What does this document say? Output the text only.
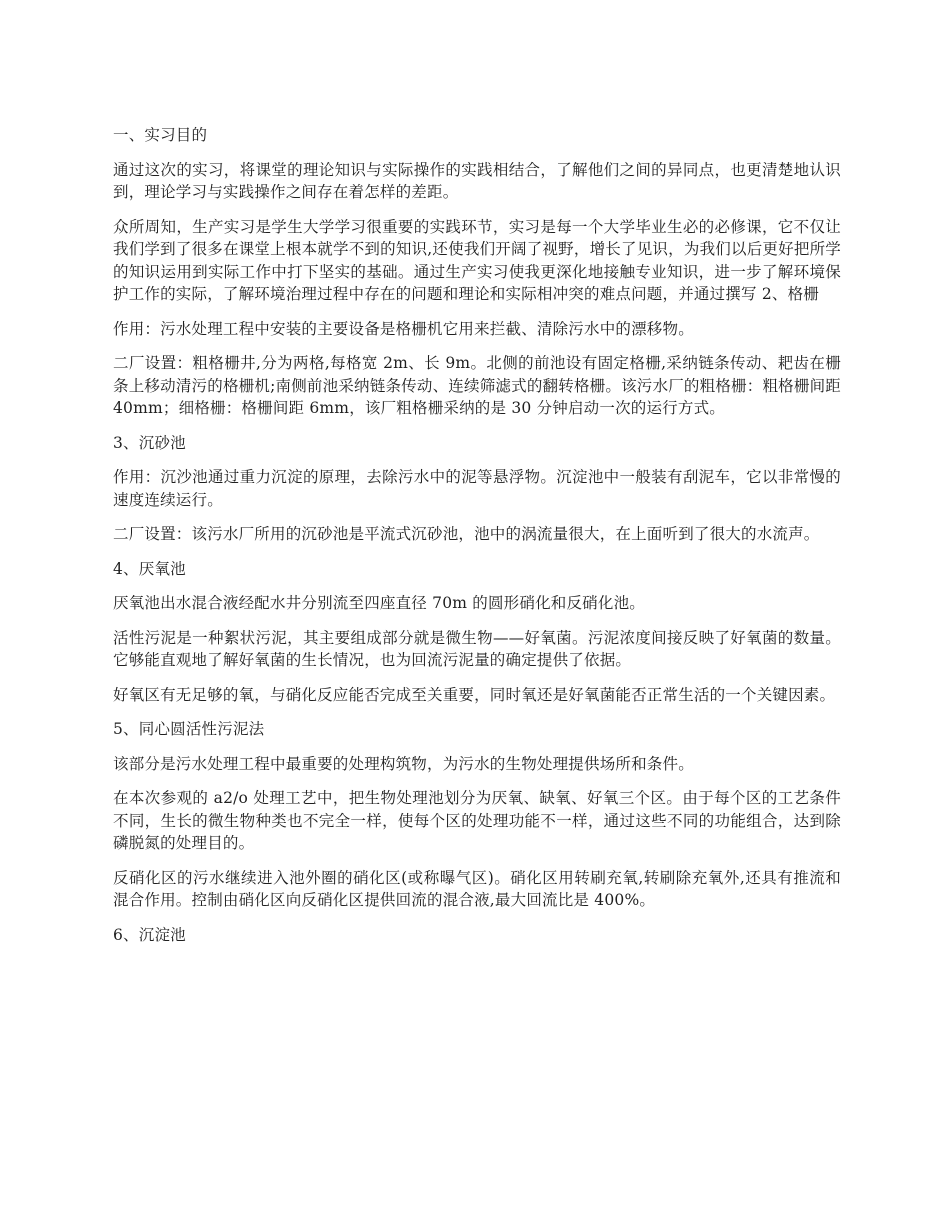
一、实习目的

通过这次的实习，将课堂的理论知识与实际操作的实践相结合，了解他们之间的异同点，也更清楚地认识到，理论学习与实践操作之间存在着怎样的差距。

众所周知，生产实习是学生大学学习很重要的实践环节，实习是每一个大学毕业生必的必修课，它不仅让我们学到了很多在课堂上根本就学不到的知识,还使我们开阔了视野，增长了见识，为我们以后更好把所学的知识运用到实际工作中打下坚实的基础。通过生产实习使我更深化地接触专业知识，进一步了解环境保护工作的实际，了解环境治理过程中存在的问题和理论和实际相冲突的难点问题，并通过撰写 2、格栅

作用：污水处理工程中安装的主要设备是格栅机它用来拦截、清除污水中的漂移物。

二厂设置：粗格栅井,分为两格,每格宽 2m、长 9m。北侧的前池设有固定格栅,采纳链条传动、耙齿在栅条上移动清污的格栅机;南侧前池采纳链条传动、连续筛滤式的翻转格栅。该污水厂的粗格栅：粗格栅间距 40mm；细格栅：格栅间距 6mm，该厂粗格栅采纳的是 30 分钟启动一次的运行方式。

3、沉砂池

作用：沉沙池通过重力沉淀的原理，去除污水中的泥等悬浮物。沉淀池中一般装有刮泥车，它以非常慢的速度连续运行。

二厂设置：该污水厂所用的沉砂池是平流式沉砂池，池中的涡流量很大，在上面听到了很大的水流声。

4、厌氧池

厌氧池出水混合液经配水井分别流至四座直径 70m 的圆形硝化和反硝化池。

活性污泥是一种絮状污泥，其主要组成部分就是微生物——好氧菌。污泥浓度间接反映了好氧菌的数量。它够能直观地了解好氧菌的生长情况，也为回流污泥量的确定提供了依据。

好氧区有无足够的氧，与硝化反应能否完成至关重要，同时氧还是好氧菌能否正常生活的一个关键因素。

5、同心圆活性污泥法

该部分是污水处理工程中最重要的处理构筑物，为污水的生物处理提供场所和条件。

在本次参观的 a2/o 处理工艺中，把生物处理池划分为厌氧、缺氧、好氧三个区。由于每个区的工艺条件不同，生长的微生物种类也不完全一样，使每个区的处理功能不一样，通过这些不同的功能组合，达到除磷脱氮的处理目的。

反硝化区的污水继续进入池外圈的硝化区(或称曝气区)。硝化区用转刷充氧,转刷除充氧外,还具有推流和混合作用。控制由硝化区向反硝化区提供回流的混合液,最大回流比是 400%。

6、沉淀池
